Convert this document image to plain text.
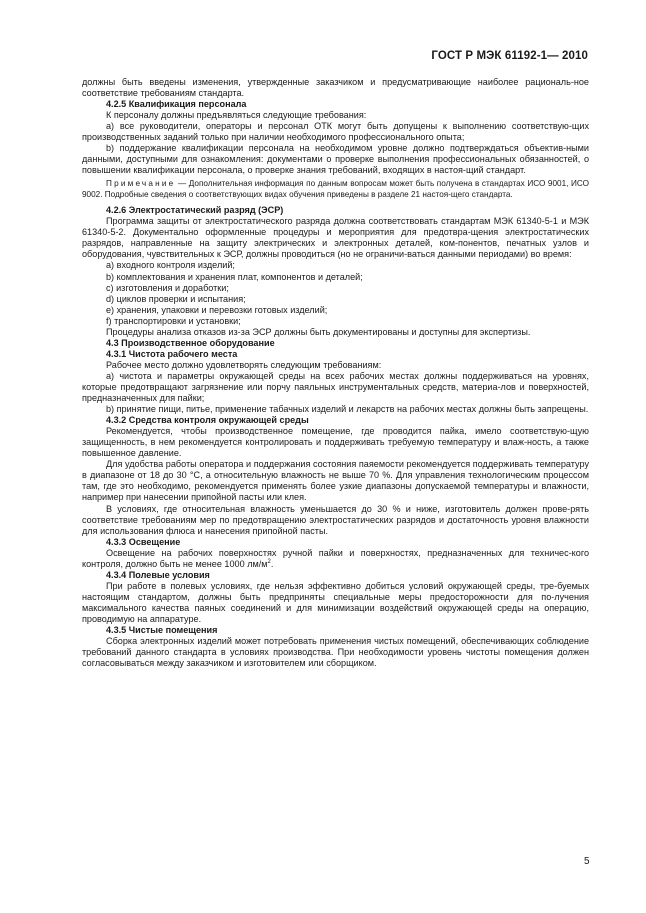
ГОСТ Р МЭК 61192-1— 2010

должны быть введены изменения, утвержденные заказчиком и предусматривающие наиболее рациональ-ное соответствие требованиям стандарта.

4.2.5 Квалификация персонала

К персоналу должны предъявляться следующие требования:

а) все руководители, операторы и персонал ОТК могут быть допущены к выполнению соответствую-щих производственных заданий только при наличии необходимого профессионального опыта;

b) поддержание квалификации персонала на необходимом уровне должно подтверждаться объектив-ными данными, доступными для ознакомления: документами о проверке выполнения профессиональных обязанностей, о повышении квалификации персонала, о проверке знания требований, входящих в настоя-щий стандарт.

Примечание — Дополнительная информация по данным вопросам может быть получена в стандартах ИСО 9001, ИСО 9002. Подробные сведения о соответствующих видах обучения приведены в разделе 21 настоя-щего стандарта.

4.2.6 Электростатический разряд (ЭСР)

Программа защиты от электростатического разряда должна соответствовать стандартам МЭК 61340-5-1 и МЭК 61340-5-2. Документально оформленные процедуры и мероприятия для предотвра-щения электростатических разрядов, направленные на защиту электрических и электронных деталей, ком-понентов, печатных узлов и оборудования, чувствительных к ЭСР, должны проводиться (но не ограничи-ваться данными периодами) во время:

a) входного контроля изделий;

b) комплектования и хранения плат, компонентов и деталей;

c) изготовления и доработки;

d) циклов проверки и испытания;

e) хранения, упаковки и перевозки готовых изделий;

f) транспортировки и установки;

Процедуры анализа отказов из-за ЭСР должны быть документированы и доступны для экспертизы.

4.3 Производственное оборудование

4.3.1 Чистота рабочего места

Рабочее место должно удовлетворять следующим требованиям:

а) чистота и параметры окружающей среды на всех рабочих местах должны поддерживаться на уровнях, которые предотвращают загрязнение или порчу паяльных инструментальных средств, материа-лов и поверхностей, предназначенных для пайки;

b) принятие пищи, питье, применение табачных изделий и лекарств на рабочих местах должны быть запрещены.

4.3.2 Средства контроля окружающей среды

Рекомендуется, чтобы производственное помещение, где проводится пайка, имело соответствую-щую защищенность, в нем рекомендуется контролировать и поддерживать требуемую температуру и влаж-ность, а также повышенное давление.

Для удобства работы оператора и поддержания состояния паяемости рекомендуется поддерживать температуру в диапазоне от 18 до 30 °С, а относительную влажность не выше 70 %. Для управления технологическим процессом там, где это необходимо, рекомендуется применять более узкие диапазоны допускаемой температуры и влажности, например при нанесении припойной пасты или клея.

В условиях, где относительная влажность уменьшается до 30 % и ниже, изготовитель должен прове-рять соответствие требованиям мер по предотвращению электростатических разрядов и достаточность уровня влажности для использования флюса и нанесения припойной пасты.

4.3.3 Освещение

Освещение на рабочих поверхностях ручной пайки и поверхностях, предназначенных для техничес-кого контроля, должно быть не менее 1000 $лм/м^2$.

4.3.4 Полевые условия

При работе в полевых условиях, где нельзя эффективно добиться условий окружающей среды, тре-буемых настоящим стандартом, должны быть предприняты специальные меры предосторожности для по-лучения максимального качества паяных соединений и для минимизации воздействий окружающей среды на операцию, проводимую на аппаратуре.

4.3.5 Чистые помещения

Сборка электронных изделий может потребовать применения чистых помещений, обеспечивающих соблюдение требований данного стандарта в условиях производства. При необходимости уровень чистоты помещения должен согласовываться между заказчиком и изготовителем или сборщиком.

5
